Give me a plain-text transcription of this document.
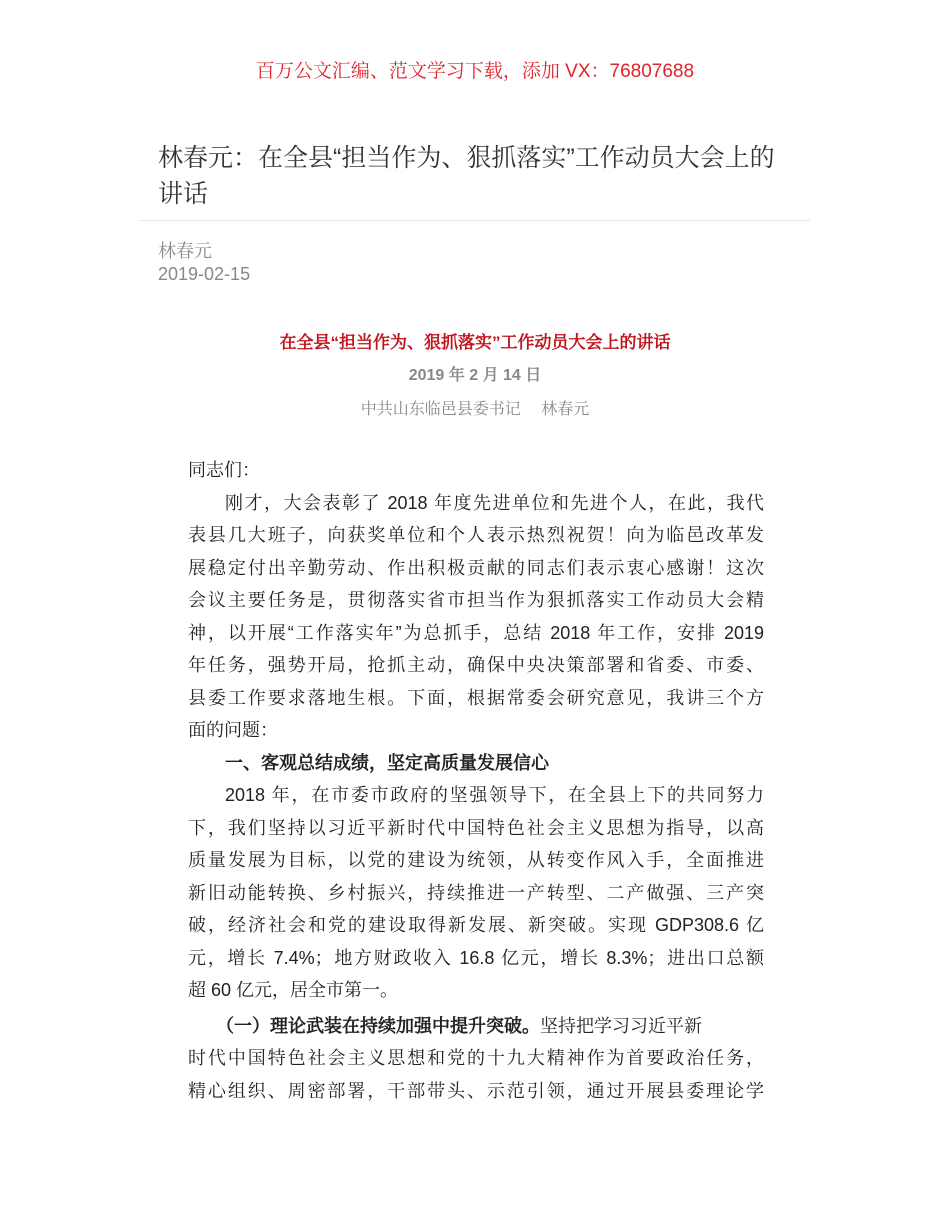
百万公文汇编、范文学习下载，添加 VX：76807688
林春元：在全县“担当作为、狠抓落实”工作动员大会上的讲话
林春元
2019-02-15
在全县“担当作为、狠抓落实”工作动员大会上的讲话
2019 年 2 月 14 日
中共山东临邑县委书记　 林春元
同志们：
刚才，大会表彰了 2018 年度先进单位和先进个人，在此，我代
表县几大班子，向获奖单位和个人表示热烈祝贺！向为临邑改革发
展稳定付出辛勤劳动、作出积极贡献的同志们表示衷心感谢！这次
会议主要任务是，贯彻落实省市担当作为狠抓落实工作动员大会精
神，以开展“工作落实年”为总抓手，总结 2018 年工作，安排 2019
年任务，强势开局，抢抓主动，确保中央决策部署和省委、市委、
县委工作要求落地生根。下面，根据常委会研究意见，我讲三个方
面的问题：
一、客观总结成绩，坚定高质量发展信心
2018 年，在市委市政府的坚强领导下，在全县上下的共同努力
下，我们坚持以习近平新时代中国特色社会主义思想为指导，以高
质量发展为目标，以党的建设为统领，从转变作风入手，全面推进
新旧动能转换、乡村振兴，持续推进一产转型、二产做强、三产突
破，经济社会和党的建设取得新发展、新突破。实现 GDP308.6 亿
元，增长 7.4%；地方财政收入 16.8 亿元，增长 8.3%；进出口总额
超 60 亿元，居全市第一。
（一）理论武装在持续加强中提升突破。坚持把学习习近平新
时代中国特色社会主义思想和党的十九大精神作为首要政治任务，
精心组织、周密部署，干部带头、示范引领，通过开展县委理论学
